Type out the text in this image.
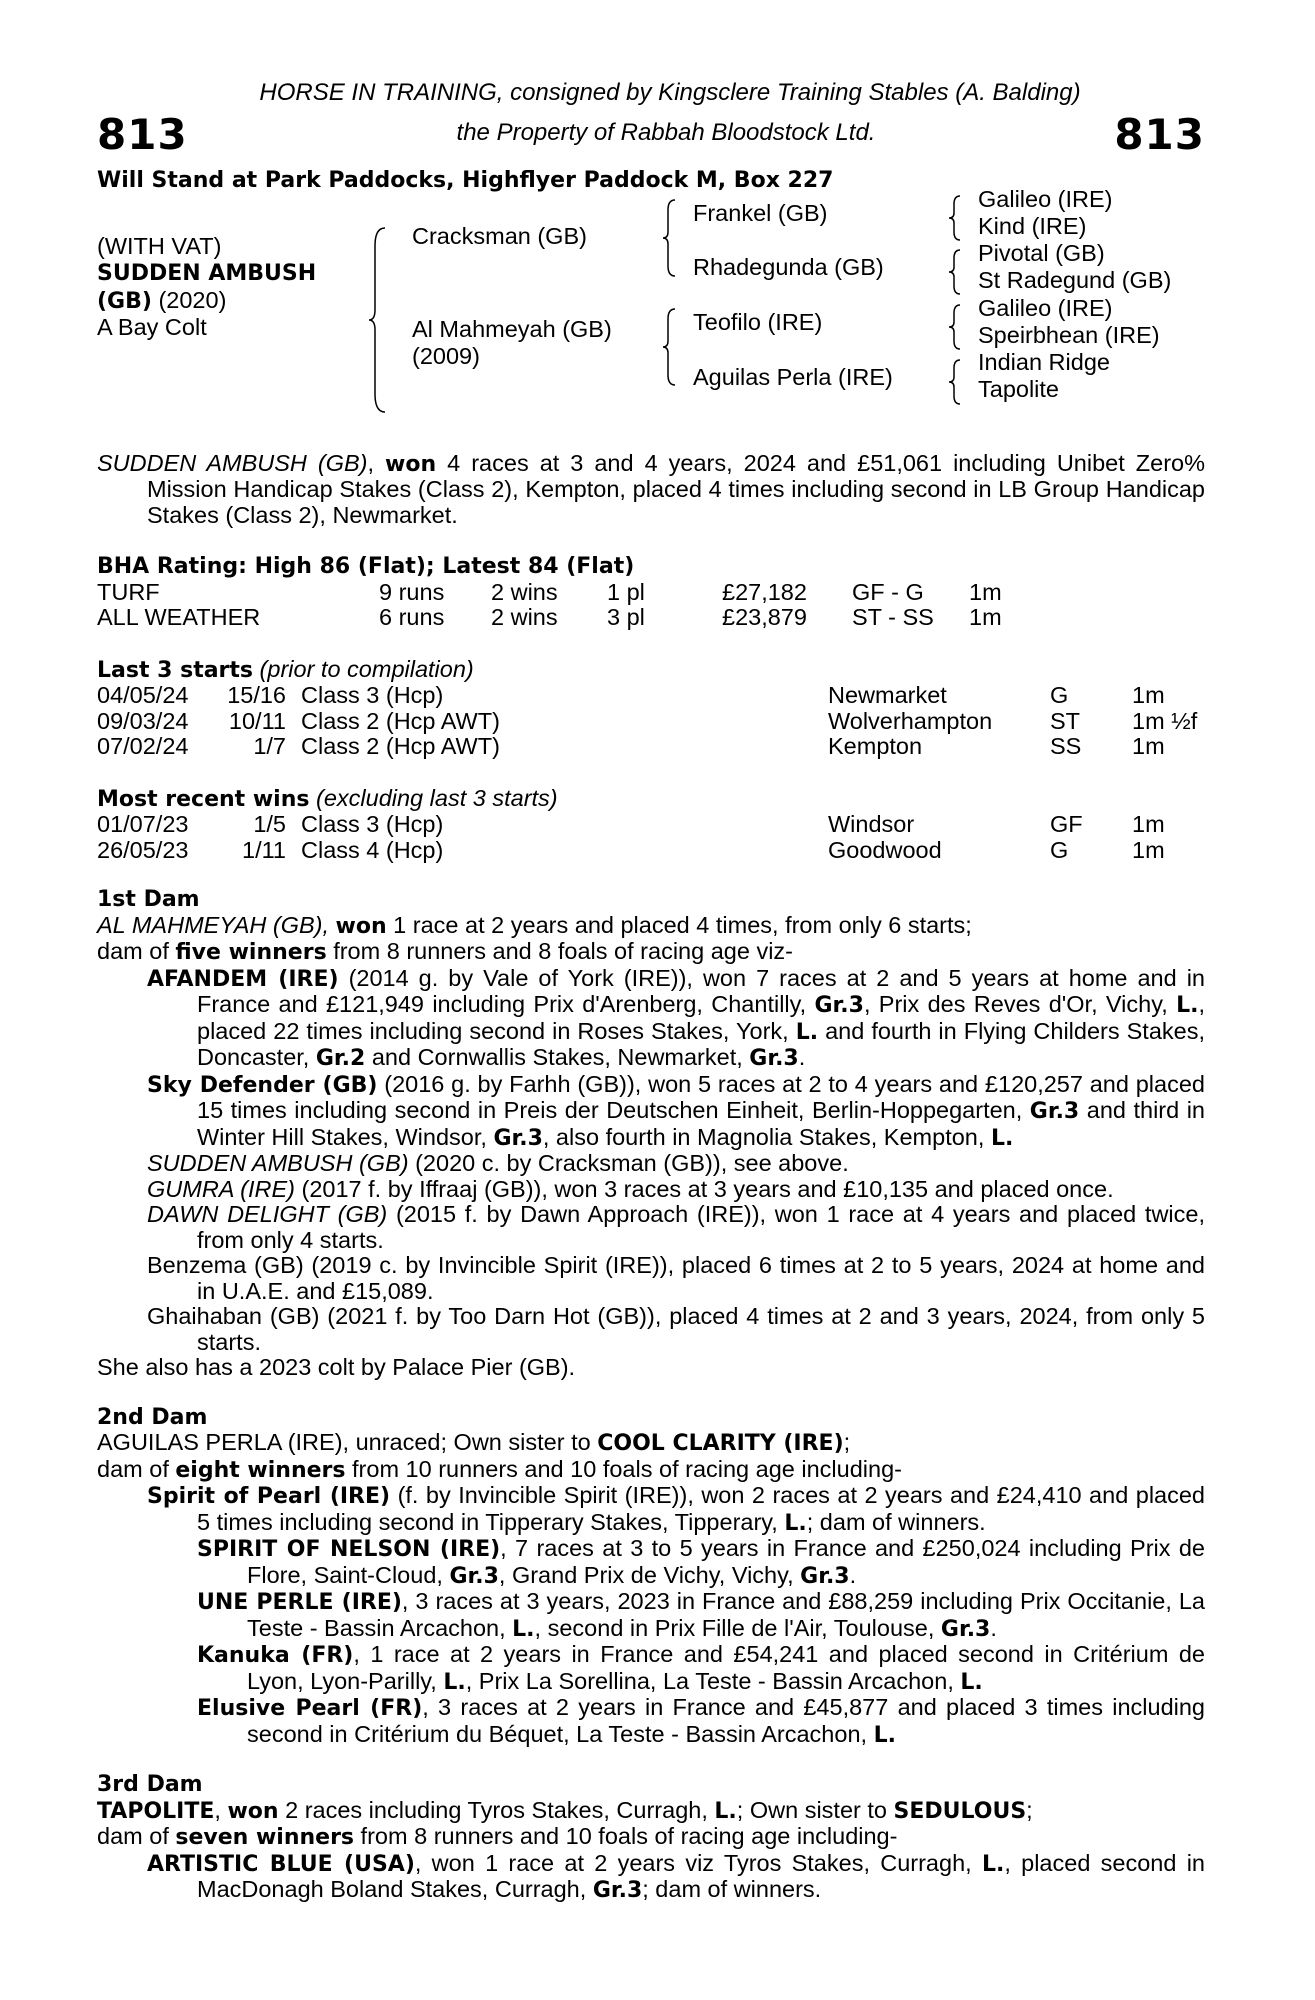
HORSE IN TRAINING, consigned by Kingsclere Training Stables (A. Balding)
the Property of Rabbah Bloodstock Ltd.
813	813
Will Stand at Park Paddocks, Highflyer Paddock M, Box 227
(WITH VAT)
SUDDEN AMBUSH
(GB) (2020)
A Bay Colt
Cracksman (GB)
Al Mahmeyah (GB)
(2009)
Frankel (GB)
Rhadegunda (GB)
Teofilo (IRE)
Aguilas Perla (IRE)
Galileo (IRE)
Kind (IRE)
Pivotal (GB)
St Radegund (GB)
Galileo (IRE)
Speirbhean (IRE)
Indian Ridge
Tapolite

SUDDEN AMBUSH (GB), won 4 races at 3 and 4 years, 2024 and £51,061 including Unibet Zero% Mission Handicap Stakes (Class 2), Kempton, placed 4 times including second in LB Group Handicap Stakes (Class 2), Newmarket.

BHA Rating: High 86 (Flat); Latest 84 (Flat)
TURF	9 runs	2 wins	1 pl	£27,182	GF - G	1m
ALL WEATHER	6 runs	2 wins	3 pl	£23,879	ST - SS	1m
Last 3 starts (prior to compilation)
04/05/24	15/16	Class 3 (Hcp)	Newmarket	G	1m
09/03/24	10/11	Class 2 (Hcp AWT)	Wolverhampton	ST	1m ½f
07/02/24	1/7	Class 2 (Hcp AWT)	Kempton	SS	1m
Most recent wins (excluding last 3 starts)
01/07/23	1/5	Class 3 (Hcp)	Windsor	GF	1m
26/05/23	1/11	Class 4 (Hcp)	Goodwood	G	1m
1st Dam

AL MAHMEYAH (GB), won 1 race at 2 years and placed 4 times, from only 6 starts;

dam of five winners from 8 runners and 8 foals of racing age viz-

AFANDEM (IRE) (2014 g. by Vale of York (IRE)), won 7 races at 2 and 5 years at home and in France and £121,949 including Prix d'Arenberg, Chantilly, Gr.3, Prix des Reves d'Or, Vichy, L., placed 22 times including second in Roses Stakes, York, L. and fourth in Flying Childers Stakes, Doncaster, Gr.2 and Cornwallis Stakes, Newmarket, Gr.3.

Sky Defender (GB) (2016 g. by Farhh (GB)), won 5 races at 2 to 4 years and £120,257 and placed 15 times including second in Preis der Deutschen Einheit, Berlin-Hoppegarten, Gr.3 and third in Winter Hill Stakes, Windsor, Gr.3, also fourth in Magnolia Stakes, Kempton, L.

SUDDEN AMBUSH (GB) (2020 c. by Cracksman (GB)), see above.

GUMRA (IRE) (2017 f. by Iffraaj (GB)), won 3 races at 3 years and £10,135 and placed once.

DAWN DELIGHT (GB) (2015 f. by Dawn Approach (IRE)), won 1 race at 4 years and placed twice, from only 4 starts.

Benzema (GB) (2019 c. by Invincible Spirit (IRE)), placed 6 times at 2 to 5 years, 2024 at home and in U.A.E. and £15,089.

Ghaihaban (GB) (2021 f. by Too Darn Hot (GB)), placed 4 times at 2 and 3 years, 2024, from only 5 starts.

She also has a 2023 colt by Palace Pier (GB).

2nd Dam

AGUILAS PERLA (IRE), unraced; Own sister to COOL CLARITY (IRE);

dam of eight winners from 10 runners and 10 foals of racing age including-

Spirit of Pearl (IRE) (f. by Invincible Spirit (IRE)), won 2 races at 2 years and £24,410 and placed 5 times including second in Tipperary Stakes, Tipperary, L.; dam of winners.

SPIRIT OF NELSON (IRE), 7 races at 3 to 5 years in France and £250,024 including Prix de Flore, Saint-Cloud, Gr.3, Grand Prix de Vichy, Vichy, Gr.3.

UNE PERLE (IRE), 3 races at 3 years, 2023 in France and £88,259 including Prix Occitanie, La Teste - Bassin Arcachon, L., second in Prix Fille de l'Air, Toulouse, Gr.3.

Kanuka (FR), 1 race at 2 years in France and £54,241 and placed second in Critérium de Lyon, Lyon-Parilly, L., Prix La Sorellina, La Teste - Bassin Arcachon, L.

Elusive Pearl (FR), 3 races at 2 years in France and £45,877 and placed 3 times including second in Critérium du Béquet, La Teste - Bassin Arcachon, L.

3rd Dam

TAPOLITE, won 2 races including Tyros Stakes, Curragh, L.; Own sister to SEDULOUS;

dam of seven winners from 8 runners and 10 foals of racing age including-

ARTISTIC BLUE (USA), won 1 race at 2 years viz Tyros Stakes, Curragh, L., placed second in MacDonagh Boland Stakes, Curragh, Gr.3; dam of winners.
